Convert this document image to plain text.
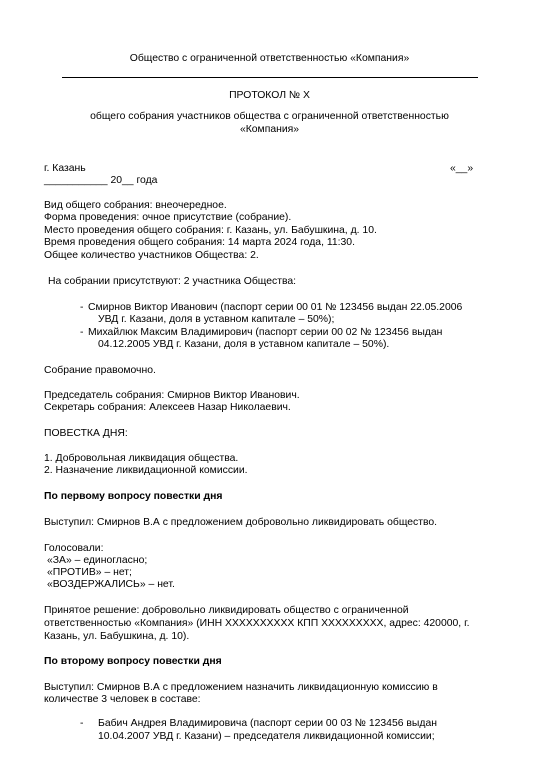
Общество с ограниченной ответственностью «Компания»
ПРОТОКОЛ № Х
общего собрания участников общества с ограниченной ответственностью
«Компания»
г. Казань	«__»
___________ 20__ года
Вид общего собрания: внеочередное.
Форма проведения: очное присутствие (собрание).
Место проведения общего собрания: г. Казань, ул. Бабушкина, д. 10.
Время проведения общего собрания: 14 марта 2024 года, 11:30.
Общее количество участников Общества: 2.
На собрании присутствуют: 2 участника Общества:
- Смирнов Виктор Иванович (паспорт серии 00 01 № 123456 выдан 22.05.2006
УВД г. Казани, доля в уставном капитале – 50%);
- Михайлюк Максим Владимирович (паспорт серии 00 02 № 123456 выдан
04.12.2005 УВД г. Казани, доля в уставном капитале – 50%).
Собрание правомочно.
Председатель собрания: Смирнов Виктор Иванович.
Секретарь собрания: Алексеев Назар Николаевич.
ПОВЕСТКА ДНЯ:
1. Добровольная ликвидация общества.
2. Назначение ликвидационной комиссии.
По первому вопросу повестки дня
Выступил: Смирнов В.А с предложением добровольно ликвидировать общество.
Голосовали:
«ЗА» – единогласно;
«ПРОТИВ» – нет;
«ВОЗДЕРЖАЛИСЬ» – нет.
Принятое решение: добровольно ликвидировать общество с ограниченной
ответственностью «Компания» (ИНН ХХХХХХХХХХ КПП ХХХХХХХХХ, адрес: 420000, г.
Казань, ул. Бабушкина, д. 10).
По второму вопросу повестки дня
Выступил: Смирнов В.А с предложением назначить ликвидационную комиссию в
количестве 3 человек в составе:
- Бабич Андрея Владимировича (паспорт серии 00 03 № 123456 выдан
10.04.2007 УВД г. Казани) – председателя ликвидационной комиссии;
